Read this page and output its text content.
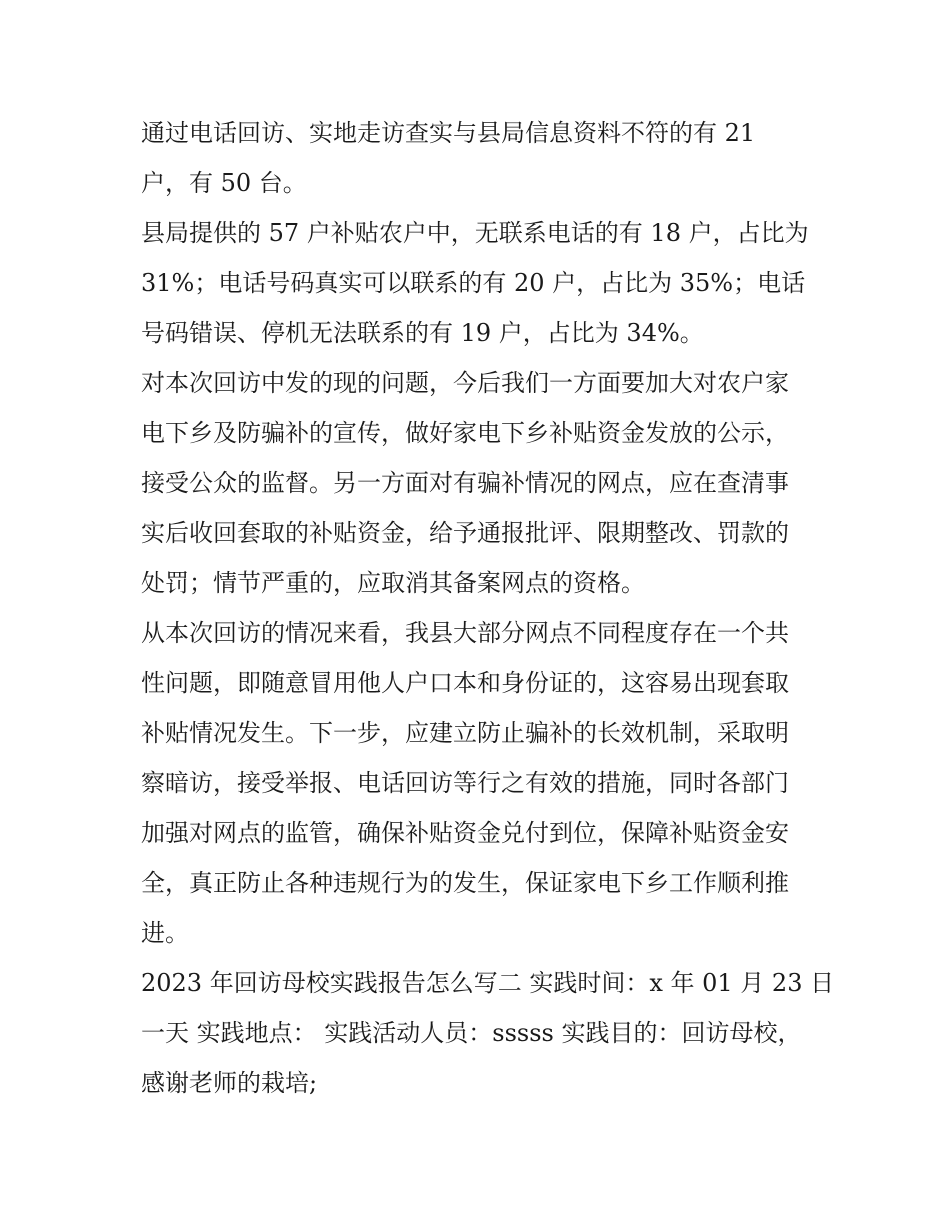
通过电话回访、实地走访查实与县局信息资料不符的有 21
户，有 50 台。

县局提供的 57 户补贴农户中，无联系电话的有 18 户，占比为
31%；电话号码真实可以联系的有 20 户，占比为 35%；电话
号码错误、停机无法联系的有 19 户，占比为 34%。

对本次回访中发的现的问题，今后我们一方面要加大对农户家
电下乡及防骗补的宣传，做好家电下乡补贴资金发放的公示，
接受公众的监督。另一方面对有骗补情况的网点，应在查清事
实后收回套取的补贴资金，给予通报批评、限期整改、罚款的
处罚；情节严重的，应取消其备案网点的资格。

从本次回访的情况来看，我县大部分网点不同程度存在一个共
性问题，即随意冒用他人户口本和身份证的，这容易出现套取
补贴情况发生。下一步，应建立防止骗补的长效机制，采取明
察暗访，接受举报、电话回访等行之有效的措施，同时各部门
加强对网点的监管，确保补贴资金兑付到位，保障补贴资金安
全，真正防止各种违规行为的发生，保证家电下乡工作顺利推
进。

2023 年回访母校实践报告怎么写二 实践时间：x 年 01 月 23 日
一天 实践地点： 实践活动人员：sssss 实践目的：回访母校，
感谢老师的栽培;
